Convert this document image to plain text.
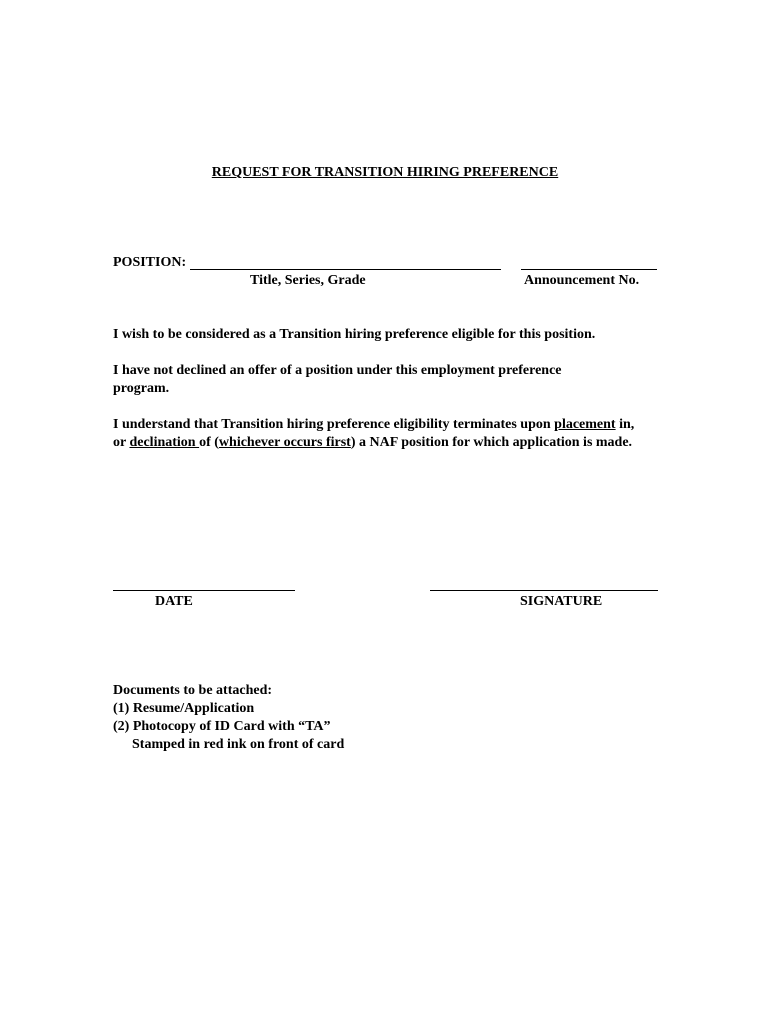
REQUEST FOR TRANSITION HIRING PREFERENCE
POSITION:
Title, Series, Grade	Announcement No.
I wish to be considered as a Transition hiring preference eligible for this position.
I have not declined an offer of a position under this employment preference program.
I understand that Transition hiring preference eligibility terminates upon placement in, or declination of (whichever occurs first) a NAF position for which application is made.
DATE	SIGNATURE
Documents to be attached:
(1) Resume/Application
(2) Photocopy of ID Card with “TA”
Stamped in red ink on front of card
